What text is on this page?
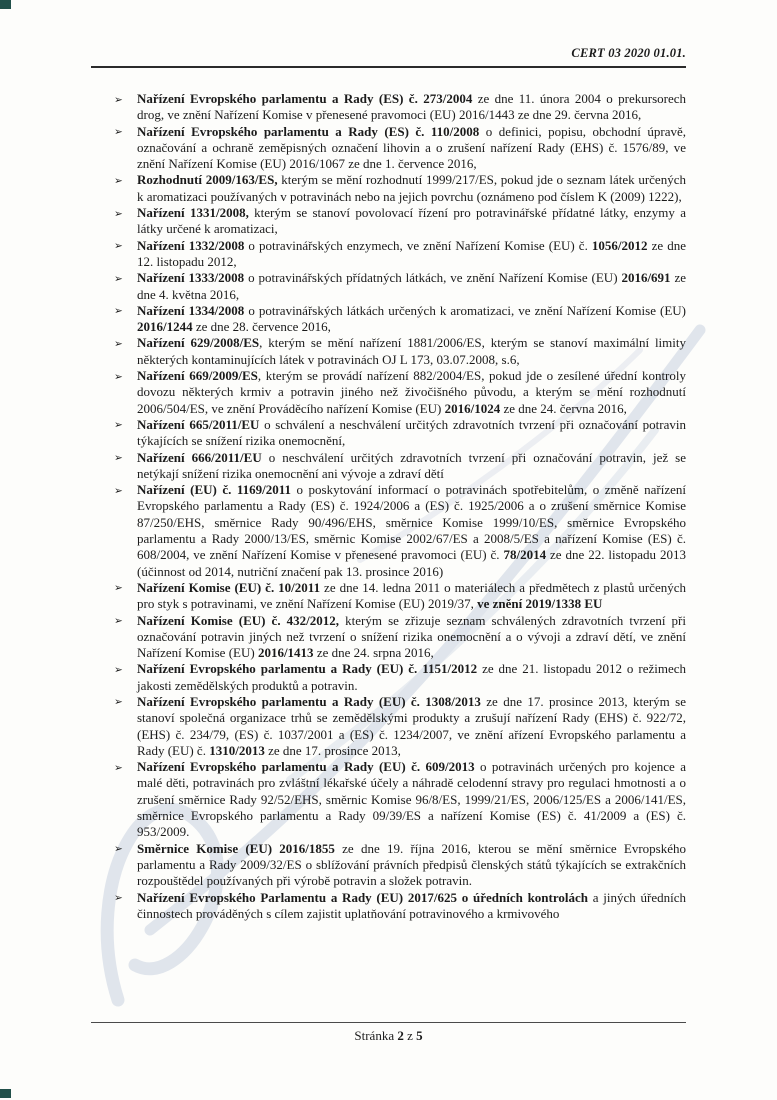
CERT 03 2020 01.01.
➢ Nařízení Evropského parlamentu a Rady (ES) č. 273/2004 ze dne 11. února 2004 o prekursorech drog, ve znění Nařízení Komise v přenesené pravomoci (EU) 2016/1443 ze dne 29. června 2016,
➢ Nařízení Evropského parlamentu a Rady (ES) č. 110/2008 o definici, popisu, obchodní úpravě, označování a ochraně zeměpisných označení lihovin a o zrušení nařízení Rady (EHS) č. 1576/89, ve znění Nařízení Komise (EU) 2016/1067 ze dne 1. července 2016,
➢ Rozhodnutí 2009/163/ES, kterým se mění rozhodnutí 1999/217/ES, pokud jde o seznam látek určených k aromatizaci používaných v potravinách nebo na jejich povrchu (oznámeno pod číslem K (2009) 1222),
➢ Nařízení 1331/2008, kterým se stanoví povolovací řízení pro potravinářské přídatné látky, enzymy a látky určené k aromatizaci,
➢ Nařízení 1332/2008 o potravinářských enzymech, ve znění Nařízení Komise (EU) č. 1056/2012 ze dne 12. listopadu 2012,
➢ Nařízení 1333/2008 o potravinářských přídatných látkách, ve znění Nařízení Komise (EU) 2016/691 ze dne 4. května 2016,
➢ Nařízení 1334/2008 o potravinářských látkách určených k aromatizaci, ve znění Nařízení Komise (EU) 2016/1244 ze dne 28. července 2016,
➢ Nařízení 629/2008/ES, kterým se mění nařízení 1881/2006/ES, kterým se stanoví maximální limity některých kontaminujících látek v potravinách OJ L 173, 03.07.2008, s.6,
➢ Nařízení 669/2009/ES, kterým se provádí nařízení 882/2004/ES, pokud jde o zesílené úřední kontroly dovozu některých krmiv a potravin jiného než živočišného původu, a kterým se mění rozhodnutí 2006/504/ES, ve znění Prováděcího nařízení Komise (EU) 2016/1024 ze dne 24. června 2016,
➢ Nařízení 665/2011/EU o schválení a neschválení určitých zdravotních tvrzení při označování potravin týkajících se snížení rizika onemocnění,
➢ Nařízení 666/2011/EU o neschválení určitých zdravotních tvrzení při označování potravin, jež se netýkají snížení rizika onemocnění ani vývoje a zdraví dětí
➢ Nařízení (EU) č. 1169/2011 o poskytování informací o potravinách spotřebitelům, o změně nařízení Evropského parlamentu a Rady (ES) č. 1924/2006 a (ES) č. 1925/2006 a o zrušení směrnice Komise 87/250/EHS, směrnice Rady 90/496/EHS, směrnice Komise 1999/10/ES, směrnice Evropského parlamentu a Rady 2000/13/ES, směrnic Komise 2002/67/ES a 2008/5/ES a nařízení Komise (ES) č. 608/2004, ve znění Nařízení Komise v přenesené pravomoci (EU) č. 78/2014 ze dne 22. listopadu 2013 (účinnost od 2014, nutriční značení pak 13. prosince 2016)
➢ Nařízení Komise (EU) č. 10/2011 ze dne 14. ledna 2011 o materiálech a předmětech z plastů určených pro styk s potravinami, ve znění Nařízení Komise (EU) 2019/37, ve znění 2019/1338 EU
➢ Nařízení Komise (EU) č. 432/2012, kterým se zřizuje seznam schválených zdravotních tvrzení při označování potravin jiných než tvrzení o snížení rizika onemocnění a o vývoji a zdraví dětí, ve znění Nařízení Komise (EU) 2016/1413 ze dne 24. srpna 2016,
➢ Nařízení Evropského parlamentu a Rady (EU) č. 1151/2012 ze dne 21. listopadu 2012 o režimech jakosti zemědělských produktů a potravin.
➢ Nařízení Evropského parlamentu a Rady (EU) č. 1308/2013 ze dne 17. prosince 2013, kterým se stanoví společná organizace trhů se zemědělskými produkty a zrušují nařízení Rady (EHS) č. 922/72, (EHS) č. 234/79, (ES) č. 1037/2001 a (ES) č. 1234/2007, ve znění ařízení Evropského parlamentu a Rady (EU) č. 1310/2013 ze dne 17. prosince 2013,
➢ Nařízení Evropského parlamentu a Rady (EU) č. 609/2013 o potravinách určených pro kojence a malé děti, potravinách pro zvláštní lékařské účely a náhradě celodenní stravy pro regulaci hmotnosti a o zrušení směrnice Rady 92/52/EHS, směrnic Komise 96/8/ES, 1999/21/ES, 2006/125/ES a 2006/141/ES, směrnice Evropského parlamentu a Rady 09/39/ES a nařízení Komise (ES) č. 41/2009 a (ES) č. 953/2009.
➢ Směrnice Komise (EU) 2016/1855 ze dne 19. října 2016, kterou se mění směrnice Evropského parlamentu a Rady 2009/32/ES o sblížování právních předpisů členských států týkajících se extrakčních rozpouštědel používaných při výrobě potravin a složek potravin.
➢ Nařízení Evropského Parlamentu a Rady (EU) 2017/625 o úředních kontrolách a jiných úředních činnostech prováděných s cílem zajistit uplatňování potravinového a krmivového
Stránka 2 z 5
